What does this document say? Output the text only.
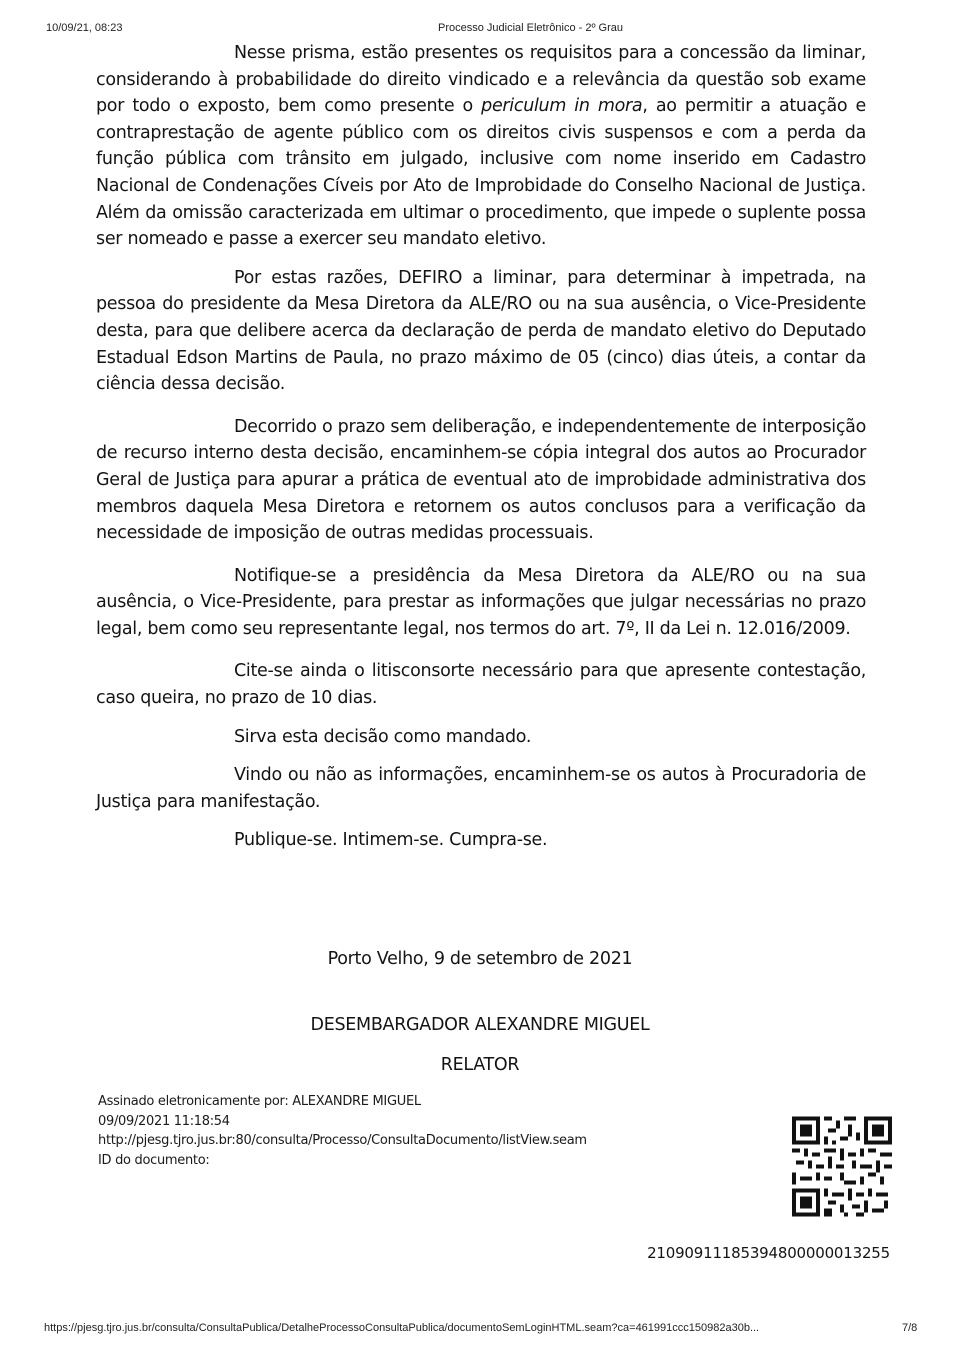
10/09/21, 08:23	Processo Judicial Eletrônico - 2º Grau

Nesse prisma, estão presentes os requisitos para a concessão da liminar, considerando à probabilidade do direito vindicado e a relevância da questão sob exame por todo o exposto, bem como presente o periculum in mora, ao permitir a atuação e contraprestação de agente público com os direitos civis suspensos e com a perda da função pública com trânsito em julgado, inclusive com nome inserido em Cadastro Nacional de Condenações Cíveis por Ato de Improbidade do Conselho Nacional de Justiça. Além da omissão caracterizada em ultimar o procedimento, que impede o suplente possa ser nomeado e passe a exercer seu mandato eletivo.

Por estas razões, DEFIRO a liminar, para determinar à impetrada, na pessoa do presidente da Mesa Diretora da ALE/RO ou na sua ausência, o Vice-Presidente desta, para que delibere acerca da declaração de perda de mandato eletivo do Deputado Estadual Edson Martins de Paula, no prazo máximo de 05 (cinco) dias úteis, a contar da ciência dessa decisão.

Decorrido o prazo sem deliberação, e independentemente de interposição de recurso interno desta decisão, encaminhem-se cópia integral dos autos ao Procurador Geral de Justiça para apurar a prática de eventual ato de improbidade administrativa dos membros daquela Mesa Diretora e retornem os autos conclusos para a verificação da necessidade de imposição de outras medidas processuais.

Notifique-se a presidência da Mesa Diretora da ALE/RO ou na sua ausência, o Vice-Presidente, para prestar as informações que julgar necessárias no prazo legal, bem como seu representante legal, nos termos do art. 7º, II da Lei n. 12.016/2009.

Cite-se ainda o litisconsorte necessário para que apresente contestação, caso queira, no prazo de 10 dias.

Sirva esta decisão como mandado.

Vindo ou não as informações, encaminhem-se os autos à Procuradoria de Justiça para manifestação.

Publique-se. Intimem-se. Cumpra-se.

Porto Velho, 9 de setembro de 2021
DESEMBARGADOR ALEXANDRE MIGUEL
RELATOR
Assinado eletronicamente por: ALEXANDRE MIGUEL
09/09/2021 11:18:54
http://pjesg.tjro.jus.br:80/consulta/Processo/ConsultaDocumento/listView.seam
ID do documento:
21090911185394800000013255
https://pjesg.tjro.jus.br/consulta/ConsultaPublica/DetalheProcessoConsultaPublica/documentoSemLoginHTML.seam?ca=461991ccc150982a30b...	7/8
